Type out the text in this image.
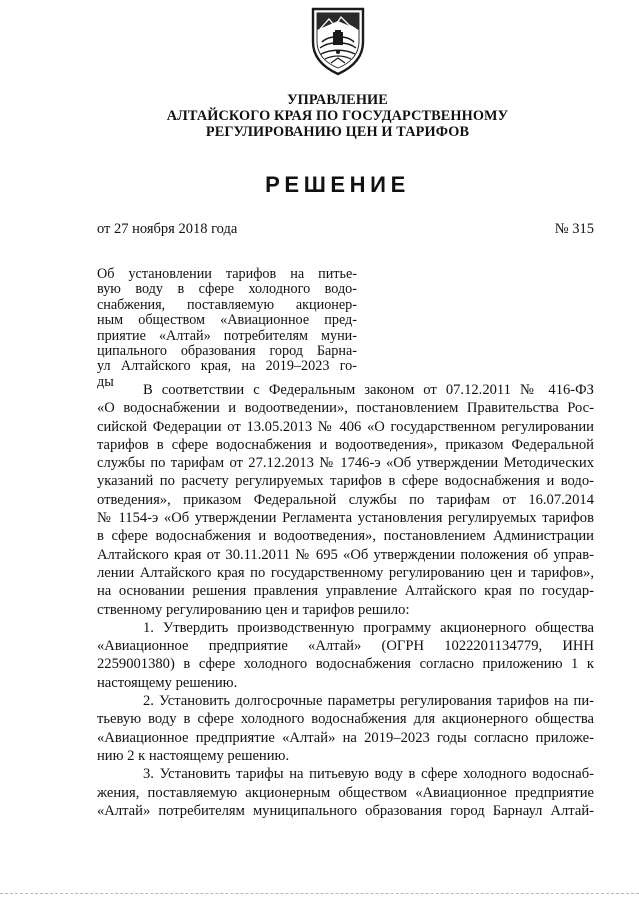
УПРАВЛЕНИЕ
АЛТАЙСКОГО КРАЯ ПО ГОСУДАРСТВЕННОМУ
РЕГУЛИРОВАНИЮ ЦЕН И ТАРИФОВ
РЕШЕНИЕ
от 27 ноября 2018 года	№ 315
Об установлении тарифов на питье-
вую воду в сфере холодного водо-
снабжения, поставляемую акционер-
ным обществом «Авиационное пред-
приятие «Алтай» потребителям муни-
ципального образования город Барна-
ул Алтайского края, на 2019–2023 го-
ды
В соответствии с Федеральным законом от 07.12.2011 № 416-ФЗ
«О водоснабжении и водоотведении», постановлением Правительства Рос-
сийской Федерации от 13.05.2013 № 406 «О государственном регулировании
тарифов в сфере водоснабжения и водоотведения», приказом Федеральной
службы по тарифам от 27.12.2013 № 1746-э «Об утверждении Методических
указаний по расчету регулируемых тарифов в сфере водоснабжения и водо-
отведения», приказом Федеральной службы по тарифам от 16.07.2014
№ 1154-э «Об утверждении Регламента установления регулируемых тарифов
в сфере водоснабжения и водоотведения», постановлением Администрации
Алтайского края от 30.11.2011 № 695 «Об утверждении положения об управ-
лении Алтайского края по государственному регулированию цен и тарифов»,
на основании решения правления управление Алтайского края по государ-
ственному регулированию цен и тарифов решило:
1. Утвердить производственную программу акционерного общества
«Авиационное предприятие «Алтай» (ОГРН 1022201134779, ИНН
2259001380) в сфере холодного водоснабжения согласно приложению 1 к
настоящему решению.
2. Установить долгосрочные параметры регулирования тарифов на пи-
тьевую воду в сфере холодного водоснабжения для акционерного общества
«Авиационное предприятие «Алтай» на 2019–2023 годы согласно приложе-
нию 2 к настоящему решению.
3. Установить тарифы на питьевую воду в сфере холодного водоснаб-
жения, поставляемую акционерным обществом «Авиационное предприятие
«Алтай» потребителям муниципального образования город Барнаул Алтай-
